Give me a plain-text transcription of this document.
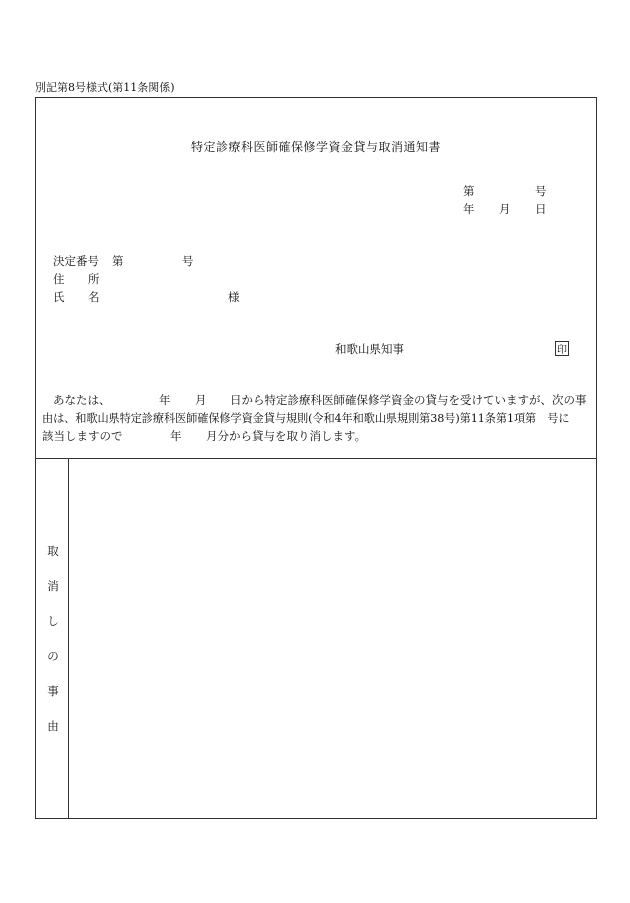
別記第8号様式(第11条関係)
特定診療科医師確保修学資金貸与取消通知書
第	号
年 月 日
決定番号 第	号
住 所
氏 名	様
和歌山県知事	印
あなたは、	年 月 日から特定診療科医師確保修学資金の貸与を受けていますが、次の事
由は、和歌山県特定診療科医師確保修学資金貸与規則(令和4年和歌山県規則第38号)第11条第1項第　号に
該当しますので	年 月分から貸与を取り消します。
取
消
し
の
事
由
